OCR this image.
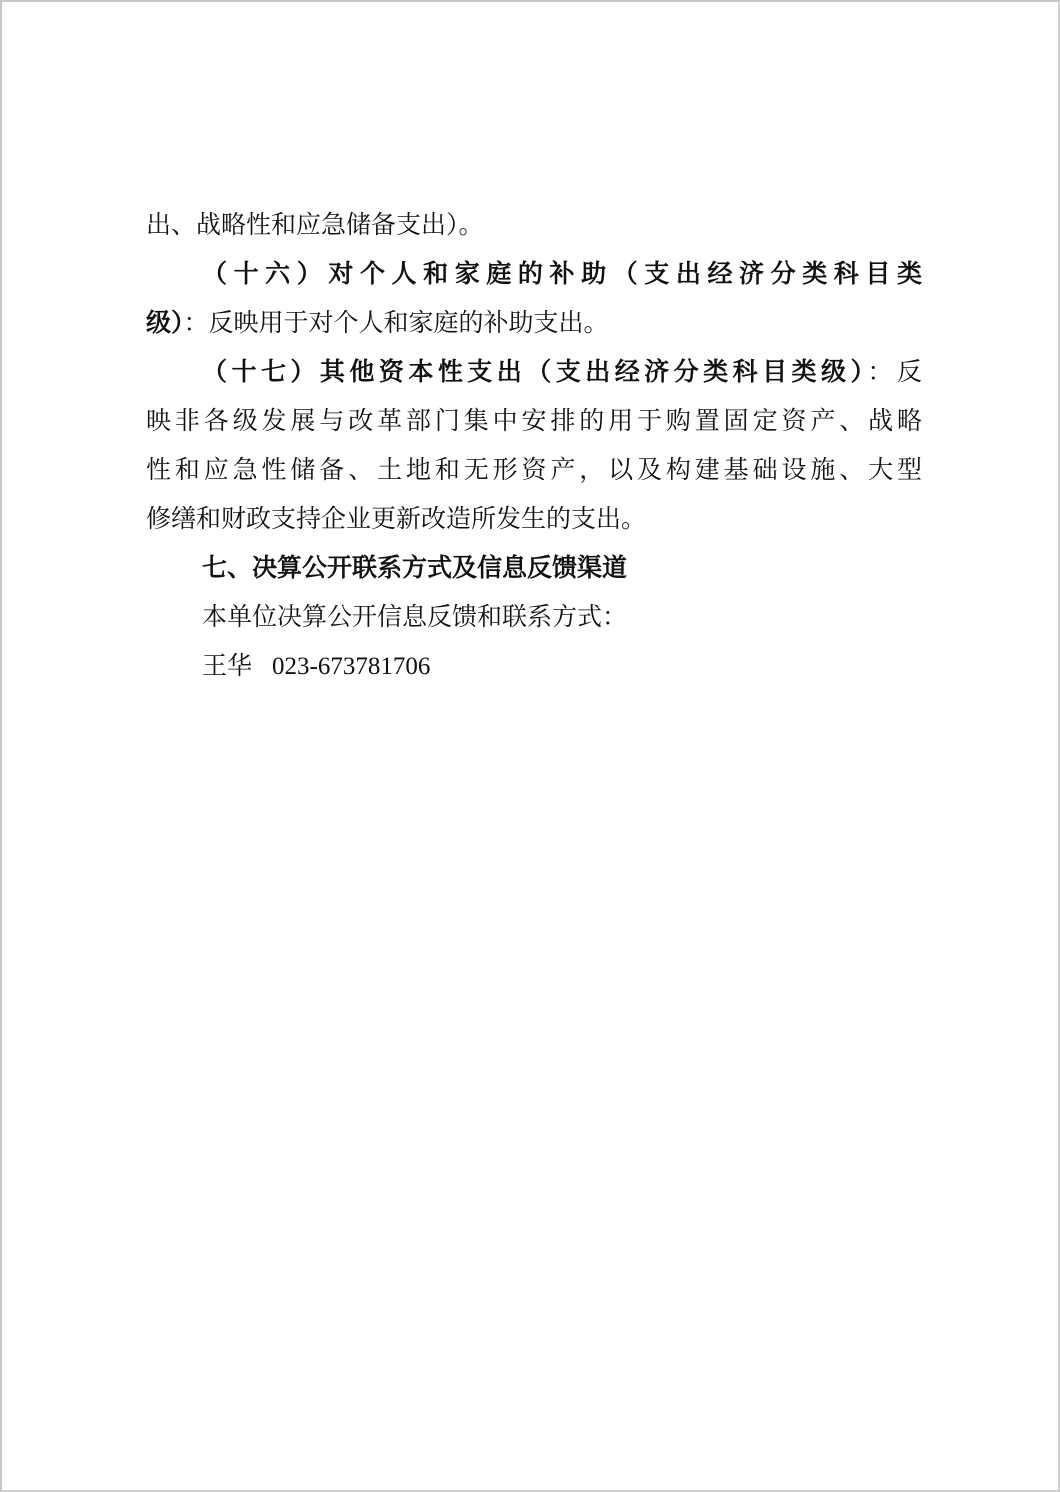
出、战略性和应急储备支出）。
（十六）对个人和家庭的补助（支出经济分类科目类
级）：反映用于对个人和家庭的补助支出。
（十七）其他资本性支出（支出经济分类科目类级）：反
映非各级发展与改革部门集中安排的用于购置固定资产、战略
性和应急性储备、土地和无形资产，以及构建基础设施、大型
修缮和财政支持企业更新改造所发生的支出。
七、决算公开联系方式及信息反馈渠道
本单位决算公开信息反馈和联系方式：
王华 023-673781706
